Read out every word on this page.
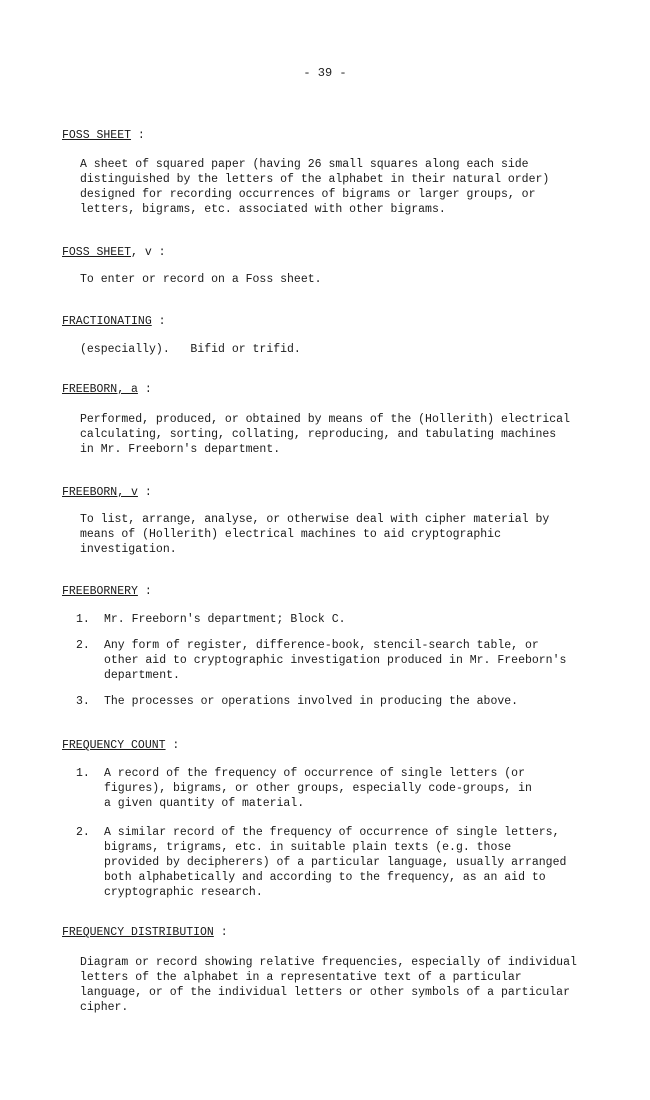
- 39 -
FOSS SHEET :
A sheet of squared paper (having 26 small squares along each side
distinguished by the letters of the alphabet in their natural order)
designed for recording occurrences of bigrams or larger groups, or
letters, bigrams, etc. associated with other bigrams.
FOSS SHEET, v :
To enter or record on a Foss sheet.
FRACTIONATING :
(especially).   Bifid or trifid.
FREEBORN, a :
Performed, produced, or obtained by means of the (Hollerith) electrical
calculating, sorting, collating, reproducing, and tabulating machines
in Mr. Freeborn's department.
FREEBORN, v :
To list, arrange, analyse, or otherwise deal with cipher material by
means of (Hollerith) electrical machines to aid cryptographic
investigation.
FREEBORNERY :
1.	Mr. Freeborn's department; Block C.
2.	Any form of register, difference-book, stencil-search table, or
other aid to cryptographic investigation produced in Mr. Freeborn's
department.
3.	The processes or operations involved in producing the above.
FREQUENCY COUNT :
1.	A record of the frequency of occurrence of single letters (or
figures), bigrams, or other groups, especially code-groups, in
a given quantity of material.
2.	A similar record of the frequency of occurrence of single letters,
bigrams, trigrams, etc. in suitable plain texts (e.g. those
provided by decipherers) of a particular language, usually arranged
both alphabetically and according to the frequency, as an aid to
cryptographic research.
FREQUENCY DISTRIBUTION :
Diagram or record showing relative frequencies, especially of individual
letters of the alphabet in a representative text of a particular
language, or of the individual letters or other symbols of a particular
cipher.
